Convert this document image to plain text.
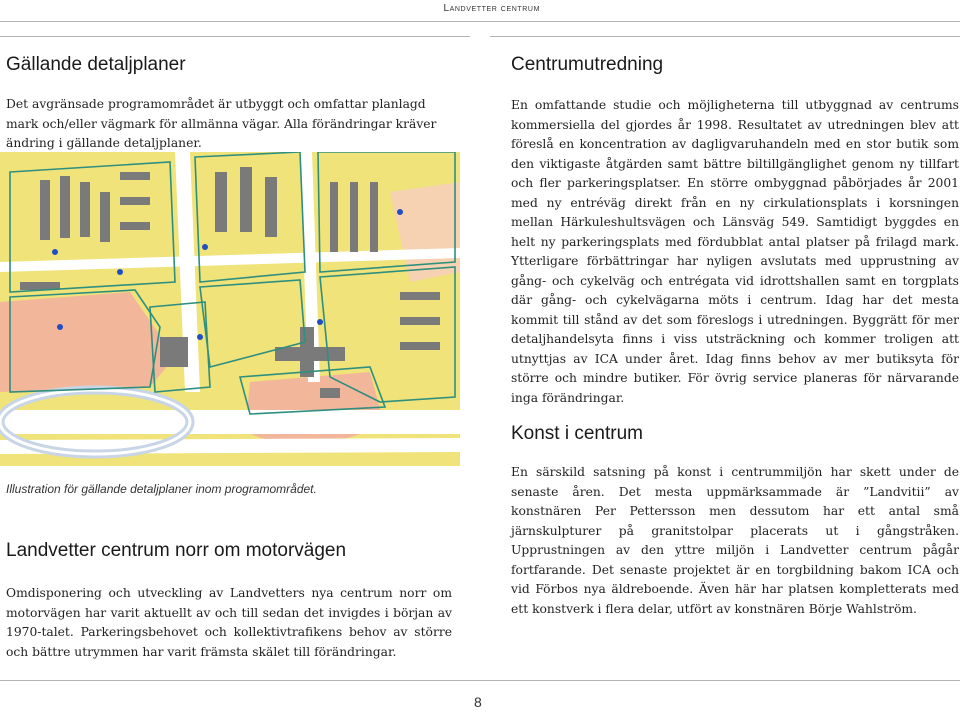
Landvetter centrum
Gällande detaljplaner

Det avgränsade programområdet är utbyggt och omfattar planlagd mark och/eller vägmark för allmänna vägar. Alla förändringar kräver ändring i gällande detaljplaner.

Illustration för gällande detaljplaner inom programområdet.
Landvetter centrum norr om motorvägen

Omdisponering och utveckling av Landvetters nya centrum norr om motorvägen har varit aktuellt av och till sedan det invigdes i början av 1970-talet. Parkeringsbehovet och kollektivtrafikens behov av större och bättre utrymmen har varit främsta skälet till förändringar.

Centrumutredning

En omfattande studie och möjligheterna till utbyggnad av centrums kommersiella del gjordes år 1998. Resultatet av utredningen blev att föreslå en koncentration av dagligvaruhandeln med en stor butik som den viktigaste åtgärden samt bättre biltillgänglighet genom ny tillfart och fler parkeringsplatser. En större ombyggnad påbörjades år 2001 med ny entréväg direkt från en ny cirkulationsplats i korsningen mellan Härkuleshultsvägen och Länsväg 549. Samtidigt byggdes en helt ny parkeringsplats med fördubblat antal platser på frilagd mark. Ytterligare förbättringar har nyligen avslutats med upprustning av gång- och cykelväg och entrégata vid idrottshallen samt en torgplats där gång- och cykelvägarna möts i centrum. Idag har det mesta kommit till stånd av det som föreslogs i utredningen. Byggrätt för mer detaljhandelsyta finns i viss utsträckning och kommer troligen att utnyttjas av ICA under året. Idag finns behov av mer butiksyta för större och mindre butiker. För övrig service planeras för närvarande inga förändringar.

Konst i centrum

En särskild satsning på konst i centrummiljön har skett under de senaste åren. Det mesta uppmärksammade är ”Landvitii” av konstnären Per Pettersson men dessutom har ett antal små järnskulpturer på granitstolpar placerats ut i gångstråken. Upprustningen av den yttre miljön i Landvetter centrum pågår fortfarande. Det senaste projektet är en torgbildning bakom ICA och vid Förbos nya äldreboende. Även här har platsen kompletterats med ett konstverk i flera delar, utfört av konstnären Börje Wahlström.

8
